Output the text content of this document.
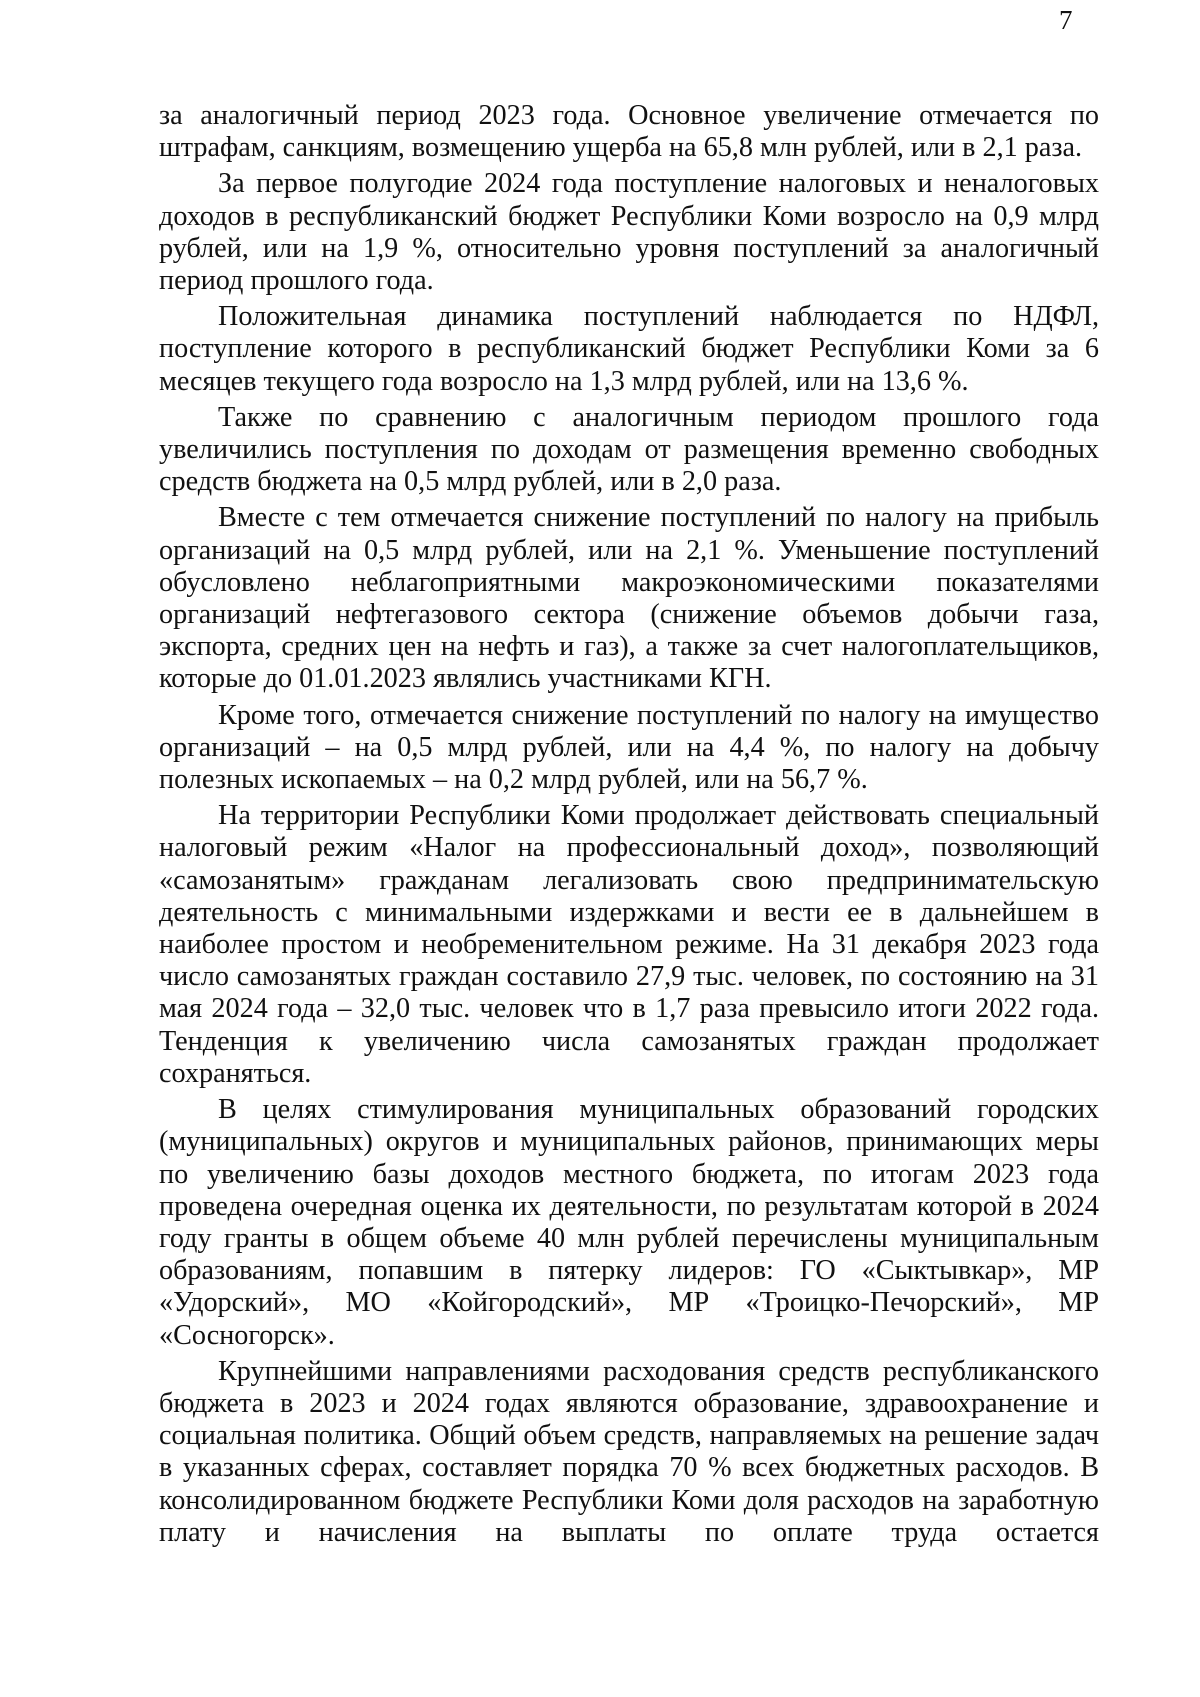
7

за аналогичный период 2023 года. Основное увеличение отмечается по штрафам, санкциям, возмещению ущерба на 65,8 млн рублей, или в 2,1 раза.

За первое полугодие 2024 года поступление налоговых и неналоговых доходов в республиканский бюджет Республики Коми возросло на 0,9 млрд рублей, или на 1,9 %, относительно уровня поступлений за аналогичный период прошлого года.

Положительная динамика поступлений наблюдается по НДФЛ, поступление которого в республиканский бюджет Республики Коми за 6 месяцев текущего года возросло на 1,3 млрд рублей, или на 13,6 %.

Также по сравнению с аналогичным периодом прошлого года увеличились поступления по доходам от размещения временно свободных средств бюджета на 0,5 млрд рублей, или в 2,0 раза.

Вместе с тем отмечается снижение поступлений по налогу на прибыль организаций на 0,5 млрд рублей, или на 2,1 %. Уменьшение поступлений обусловлено неблагоприятными макроэкономическими показателями организаций нефтегазового сектора (снижение объемов добычи газа, экспорта, средних цен на нефть и газ), а также за счет налогоплательщиков, которые до 01.01.2023 являлись участниками КГН.

Кроме того, отмечается снижение поступлений по налогу на имущество организаций – на 0,5 млрд рублей, или на 4,4 %, по налогу на добычу полезных ископаемых – на 0,2 млрд рублей, или на 56,7 %.

На территории Республики Коми продолжает действовать специальный налоговый режим «Налог на профессиональный доход», позволяющий «самозанятым» гражданам легализовать свою предпринимательскую деятельность с минимальными издержками и вести ее в дальнейшем в наиболее простом и необременительном режиме. На 31 декабря 2023 года число самозанятых граждан составило 27,9 тыс. человек, по состоянию на 31 мая 2024 года – 32,0 тыс. человек что в 1,7 раза превысило итоги 2022 года. Тенденция к увеличению числа самозанятых граждан продолжает сохраняться.

В целях стимулирования муниципальных образований городских (муниципальных) округов и муниципальных районов, принимающих меры по увеличению базы доходов местного бюджета, по итогам 2023 года проведена очередная оценка их деятельности, по результатам которой в 2024 году гранты в общем объеме 40 млн рублей перечислены муниципальным образованиям, попавшим в пятерку лидеров: ГО «Сыктывкар», МР «Удорский», МО «Койгородский», МР «Троицко-Печорский», МР «Сосногорск».

Крупнейшими направлениями расходования средств республиканского бюджета в 2023 и 2024 годах являются образование, здравоохранение и социальная политика. Общий объем средств, направляемых на решение задач в указанных сферах, составляет порядка 70 % всех бюджетных расходов. В консолидированном бюджете Республики Коми доля расходов на заработную плату и начисления на выплаты по оплате труда остается
